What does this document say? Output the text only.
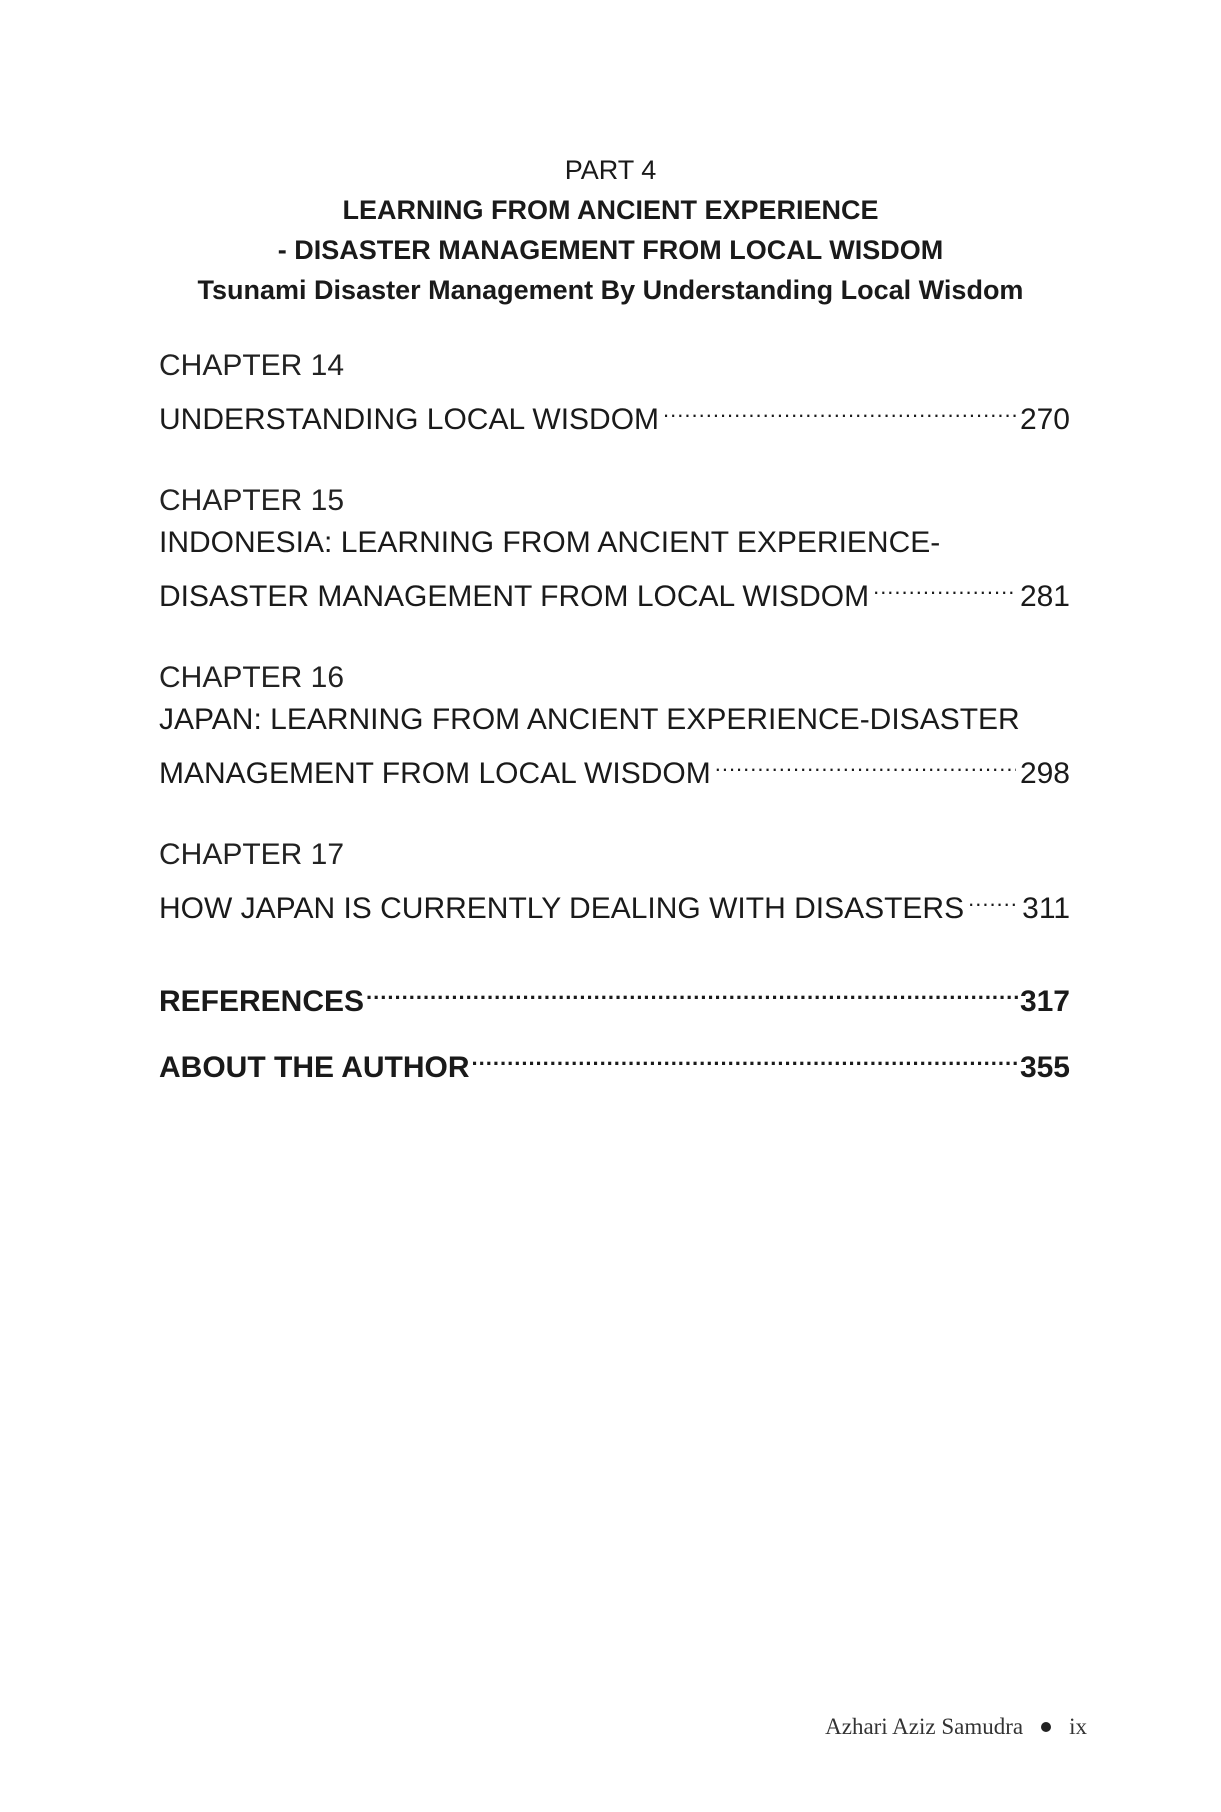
PART 4
LEARNING FROM ANCIENT EXPERIENCE
- DISASTER MANAGEMENT FROM LOCAL WISDOM
Tsunami Disaster Management By Understanding Local Wisdom
CHAPTER 14
UNDERSTANDING LOCAL WISDOM .....	270
CHAPTER 15
INDONESIA: LEARNING FROM ANCIENT EXPERIENCE-
DISASTER MANAGEMENT FROM LOCAL WISDOM .....	281
CHAPTER 16
JAPAN: LEARNING FROM ANCIENT EXPERIENCE-DISASTER
MANAGEMENT FROM LOCAL WISDOM .....	298
CHAPTER 17
HOW JAPAN IS CURRENTLY DEALING WITH DISASTERS ..... 311
REFERENCES .....	317
ABOUT THE AUTHOR .....	355
Azhari Aziz Samudra ix
